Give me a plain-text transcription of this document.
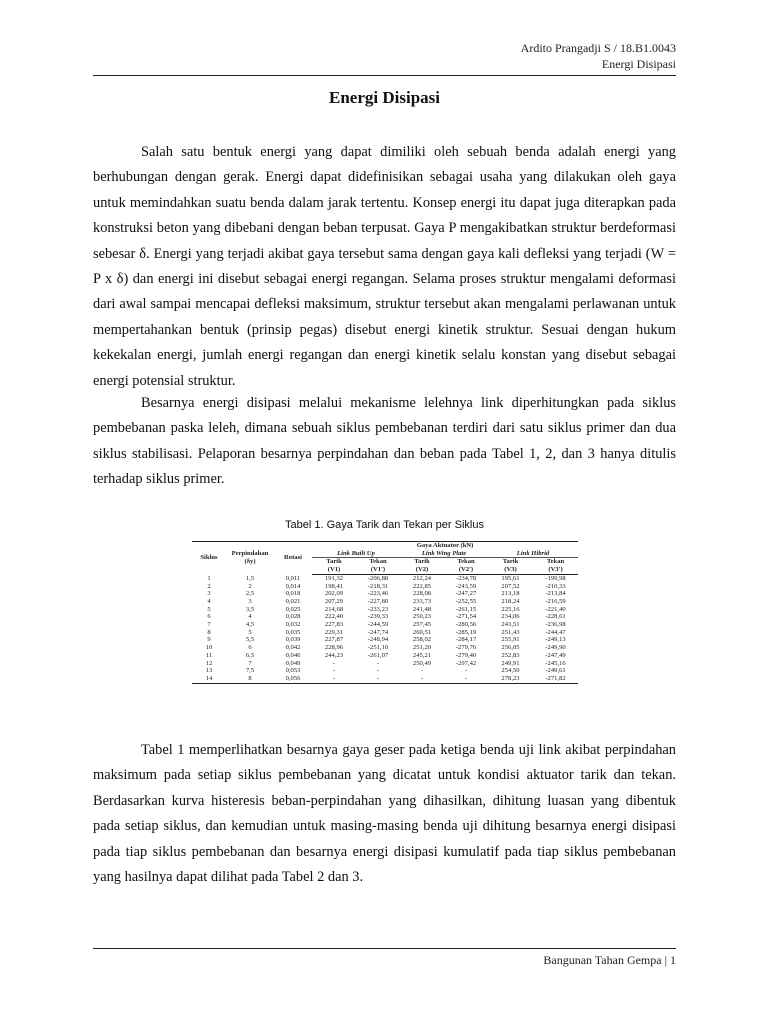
Ardito Prangadji S / 18.B1.0043
Energi Disipasi
Energi Disipasi

Salah satu bentuk energi yang dapat dimiliki oleh sebuah benda adalah energi yang berhubungan dengan gerak. Energi dapat didefinisikan sebagai usaha yang dilakukan oleh gaya untuk memindahkan suatu benda dalam jarak tertentu. Konsep energi itu dapat juga diterapkan pada konstruksi beton yang dibebani dengan beban terpusat. Gaya P mengakibatkan struktur berdeformasi sebesar δ. Energi yang terjadi akibat gaya tersebut sama dengan gaya kali defleksi yang terjadi (W = P x δ) dan energi ini disebut sebagai energi regangan. Selama proses struktur mengalami deformasi dari awal sampai mencapai defleksi maksimum, struktur tersebut akan mengalami perlawanan untuk mempertahankan bentuk (prinsip pegas) disebut energi kinetik struktur. Sesuai dengan hukum kekekalan energi, jumlah energi regangan dan energi kinetik selalu konstan yang disebut sebagai energi potensial struktur.

Besarnya energi disipasi melalui mekanisme lelehnya link diperhitungkan pada siklus pembebanan paska leleh, dimana sebuah siklus pembebanan terdiri dari satu siklus primer dan dua siklus stabilisasi. Pelaporan besarnya perpindahan dan beban pada Tabel 1, 2, dan 3 hanya ditulis terhadap siklus primer.

Tabel 1. Gaya Tarik dan Tekan per Siklus
Siklus	Perpindahan	Rotasi	Gaya Aktuator (kN)					
			Link Built Up		Link Wing Plate		Link Hibrid	
	(δy)		Tarik	Tekan	Tarik	Tekan	Tarik	Tekan
			(V1)	(V1')	(V2)	(V2')	(V3)	(V3')
1	1,5	0,011	191,32	-206,88	212,24	-234,78	195,61	-199,98
2	2	0,014	198,41	-218,31	222,85	-243,59	207,52	-210,33
3	2,5	0,018	202,09	-223,46	228,08	-247,27	213,18	-213,84
4	3	0,021	207,29	-227,80	233,73	-252,55	218,24	-216,59
5	3,5	0,025	214,68	-233,23	241,48	-261,15	225,16	-221,40
6	4	0,028	222,40	-239,33	250,23	-271,54	234,06	-228,61
7	4,5	0,032	227,83	-244,59	257,45	-280,56	243,51	-236,98
8	5	0,035	229,31	-247,74	260,51	-285,19	251,43	-244,47
9	5,5	0,039	227,87	-248,94	258,02	-284,17	255,91	-249,13
10	6	0,042	228,96	-251,10	251,20	-279,76	256,05	-249,90
11	6,5	0,046	244,23	-261,07	245,21	-279,40	252,83	-247,49
12	7	0,049	-	-	250,49	-297,42	249,91	-245,16
13	7,5	0,053	-	-	-	-	254,50	-249,61
14	8	0,056	-	-	-	-	278,23	-271,82

Tabel 1 memperlihatkan besarnya gaya geser pada ketiga benda uji link akibat perpindahan maksimum pada setiap siklus pembebanan yang dicatat untuk kondisi aktuator tarik dan tekan. Berdasarkan kurva histeresis beban-perpindahan yang dihasilkan, dihitung luasan yang dibentuk pada setiap siklus, dan kemudian untuk masing-masing benda uji dihitung besarnya energi disipasi pada tiap siklus pembebanan dan besarnya energi disipasi kumulatif pada tiap siklus pembebanan yang hasilnya dapat dilihat pada Tabel 2 dan 3.

Bangunan Tahan Gempa | 1
